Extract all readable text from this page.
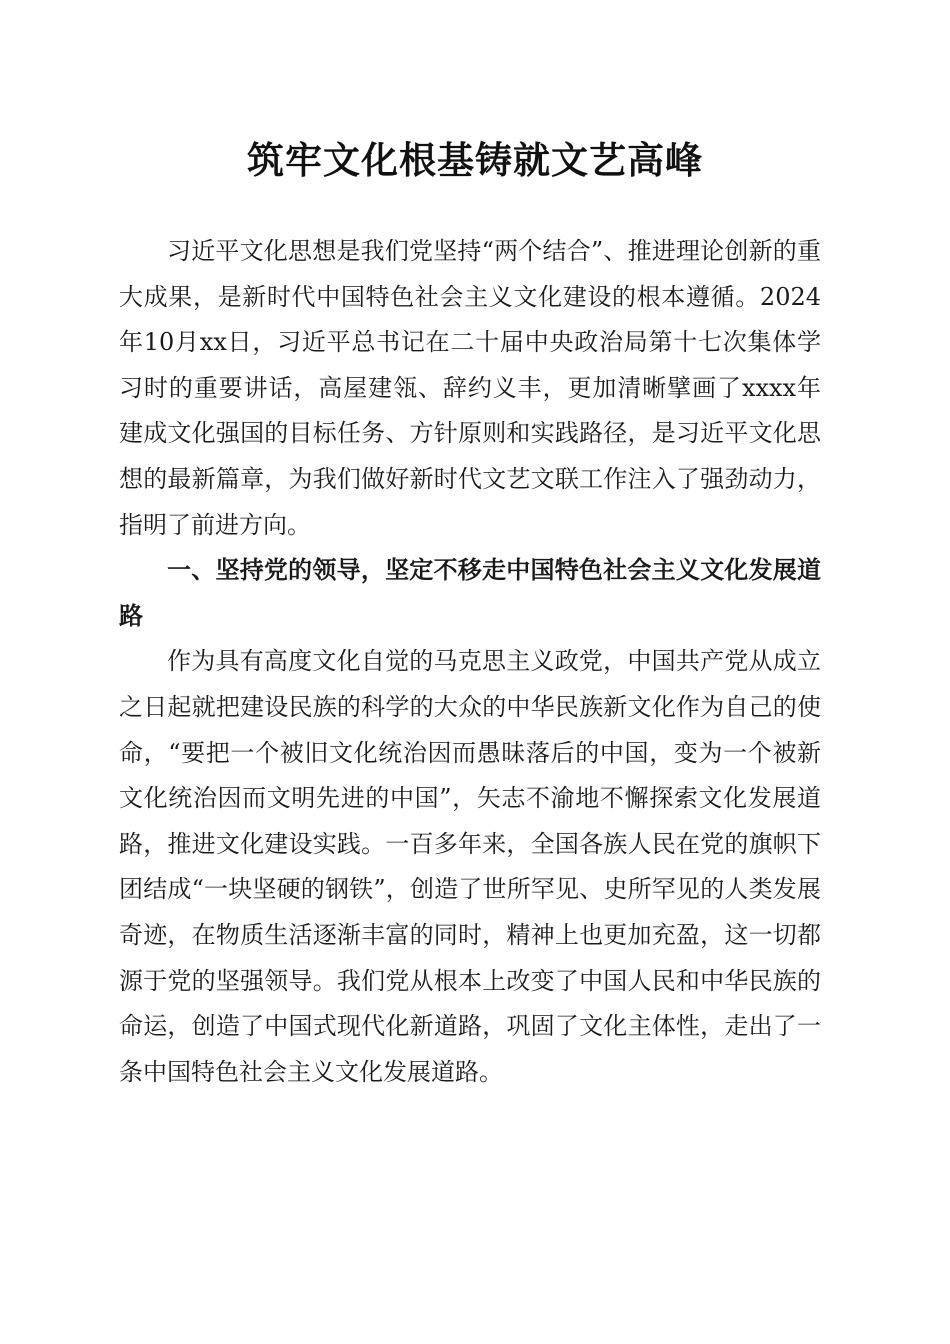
筑牢文化根基铸就文艺高峰

习近平文化思想是我们党坚持“两个结合”、推进理论创新的重大成果，是新时代中国特色社会主义文化建设的根本遵循。2024年10月xx日，习近平总书记在二十届中央政治局第十七次集体学习时的重要讲话，高屋建瓴、辞约义丰，更加清晰擘画了xxxx年建成文化强国的目标任务、方针原则和实践路径，是习近平文化思想的最新篇章，为我们做好新时代文艺文联工作注入了强劲动力，指明了前进方向。

一、坚持党的领导，坚定不移走中国特色社会主义文化发展道路

作为具有高度文化自觉的马克思主义政党，中国共产党从成立之日起就把建设民族的科学的大众的中华民族新文化作为自己的使命，“要把一个被旧文化统治因而愚昧落后的中国，变为一个被新文化统治因而文明先进的中国”，矢志不渝地不懈探索文化发展道路，推进文化建设实践。一百多年来，全国各族人民在党的旗帜下团结成“一块坚硬的钢铁”，创造了世所罕见、史所罕见的人类发展奇迹，在物质生活逐渐丰富的同时，精神上也更加充盈，这一切都源于党的坚强领导。我们党从根本上改变了中国人民和中华民族的命运，创造了中国式现代化新道路，巩固了文化主体性，走出了一条中国特色社会主义文化发展道路。
